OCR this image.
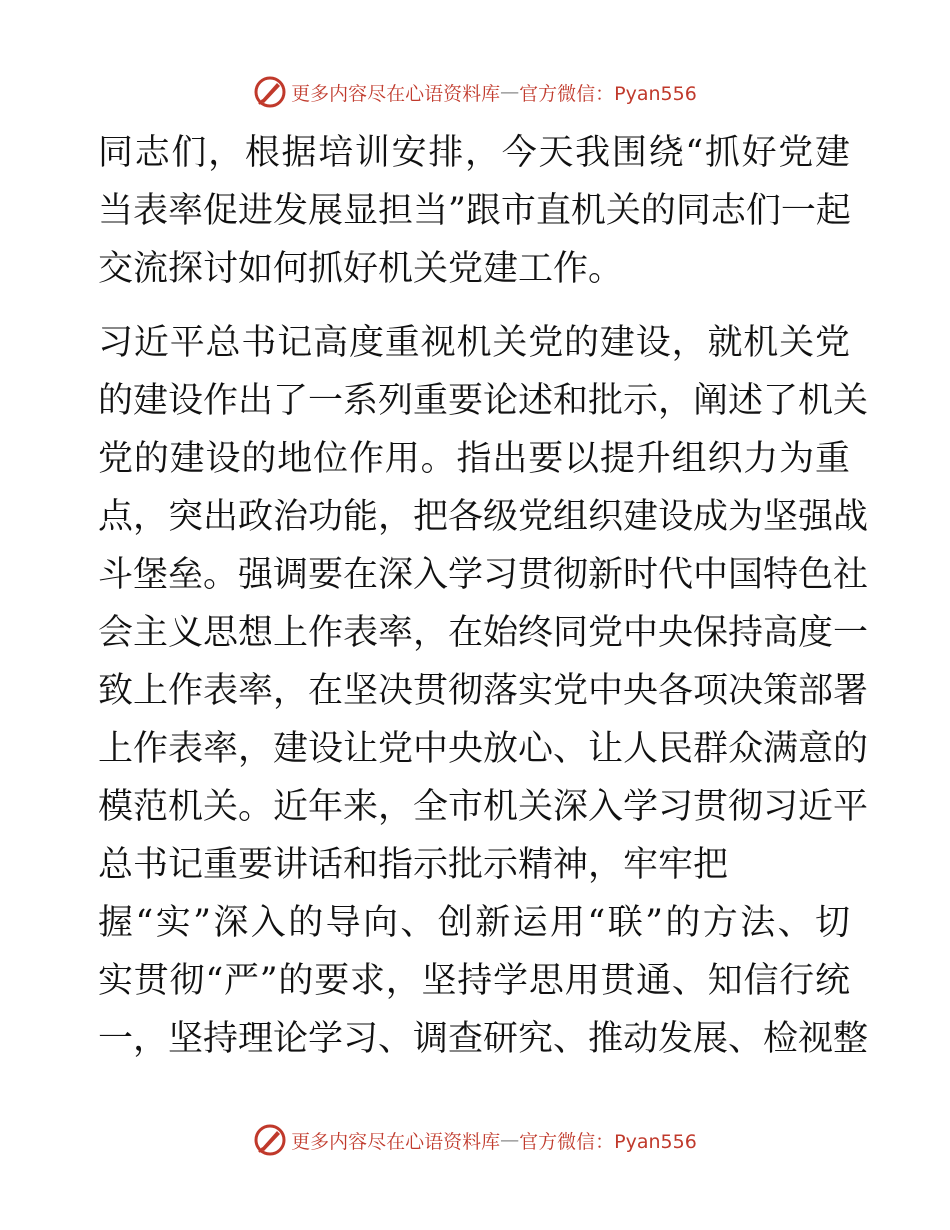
更多内容尽在心语资料库 — 官方微信：Pyan556
同志们，根据培训安排，今天我围绕“抓好党建
当表率促进发展显担当”跟市直机关的同志们一起
交流探讨如何抓好机关党建工作。
习近平总书记高度重视机关党的建设，就机关党
的建设作出了一系列重要论述和批示，阐述了机关
党的建设的地位作用。指出要以提升组织力为重
点，突出政治功能，把各级党组织建设成为坚强战
斗堡垒。强调要在深入学习贯彻新时代中国特色社
会主义思想上作表率，在始终同党中央保持高度一
致上作表率，在坚决贯彻落实党中央各项决策部署
上作表率，建设让党中央放心、让人民群众满意的
模范机关。近年来，全市机关深入学习贯彻习近平
总书记重要讲话和指示批示精神，牢牢把
握“实”深入的导向、创新运用“联”的方法、切
实贯彻“严”的要求，坚持学思用贯通、知信行统
一，坚持理论学习、调查研究、推动发展、检视整
更多内容尽在心语资料库 — 官方微信：Pyan556
